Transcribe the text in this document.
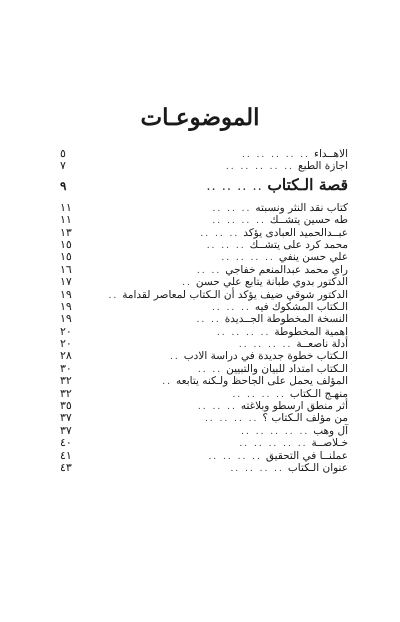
الموضوعـات
الاهــداء
.. .. .. .. ..
٥
اجازة الطبع
.. .. .. .. ..
٧
قصة الـكتاب
.. .. .. ..
٩
كتاب نقد النثر ونسبته
.. .. ..
١١
طه حسين يتشــك
.. .. .. ..
١١
عبــدالحميد العبادى يؤكد
.. .. ..
١٣
محمد كرد على يتشــك
.. .. ..
١٥
علي حسن ينفي
.. .. .. ..
١٥
راي محمد عبدالمنعم خفاجي
.. ..
١٦
الدكتور بدوي طبانة يتابع علي حسن
..
١٧
الدكتور شوقي ضيف يؤكد أن الـكتاب لمعاصر لقدامة
..
١٩
الـكتاب المشكوك فيه
.. .. ..
١٩
النسخة المخطوطة الجــديدة
.. ..
١٩
اهمية المخطوطة
.. .. .. ..
٢٠
أدلة ناصعــة
.. .. .. ..
٢٠
الـكتاب خطوة جديدة في دراسة الادب
..
٢٨
الـكتاب امتداد للبيان والتبيين
.. ..
٣٠
المؤلف يحمل على الجاحظ ولـكنه يتابعه
..
٣٢
منهـج الـكتاب
.. .. .. ..
٣٢
أثر منطق ارسطو وبلاغته
.. .. ..
٣٥
من مؤلف الـكتاب ؟
.. .. .. ..
٣٧
آل وهب
.. .. .. .. ..
٣٧
خـلاصــة
.. .. .. .. ..
٤٠
عملنــا في التحقيق
.. .. .. ..
٤١
عنوان الـكتاب
.. .. .. ..
٤٣
